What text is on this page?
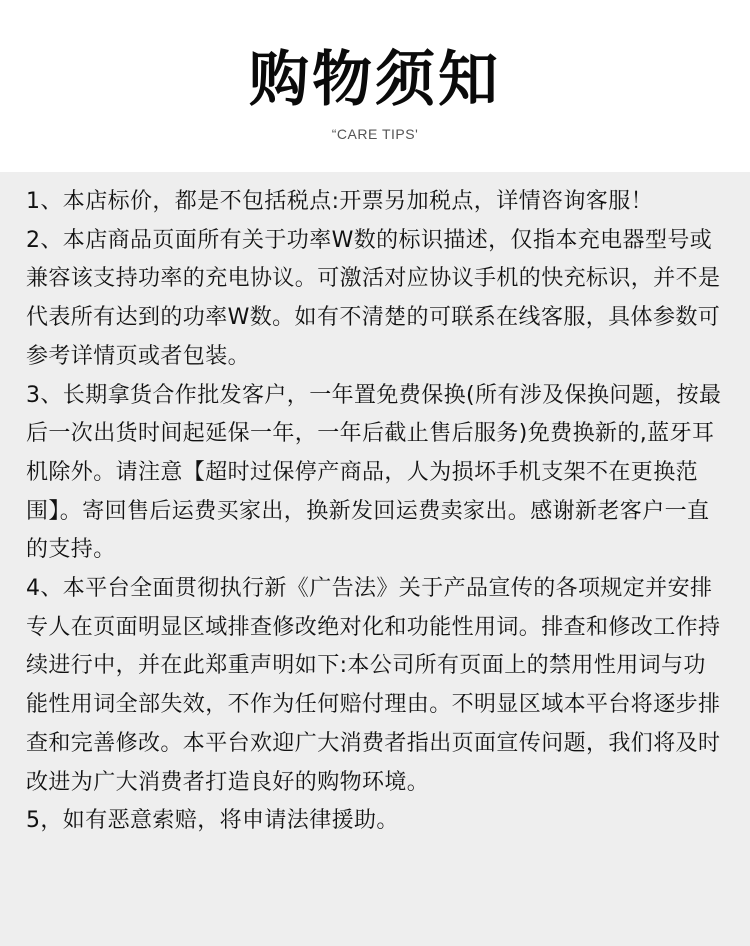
购物须知
“CARE TIPS'

1、本店标价，都是不包括税点:开票另加税点，详情咨询客服！

2、本店商品页面所有关于功率W数的标识描述，仅指本充电器型号或兼容该支持功率的充电协议。可激活对应协议手机的快充标识，并不是代表所有达到的功率W数。如有不清楚的可联系在线客服，具体参数可参考详情页或者包装。

3、长期拿货合作批发客户，一年置免费保换(所有涉及保换问题，按最后一次出货时间起延保一年，一年后截止售后服务)免费换新的,蓝牙耳机除外。请注意【超时过保停产商品，人为损坏手机支架不在更换范围】。寄回售后运费买家出，换新发回运费卖家出。感谢新老客户一直的支持。

4、本平台全面贯彻执行新《广告法》关于产品宣传的各项规定并安排专人在页面明显区域排查修改绝对化和功能性用词。排查和修改工作持续进行中，并在此郑重声明如下:本公司所有页面上的禁用性用词与功能性用词全部失效，不作为任何赔付理由。不明显区域本平台将逐步排查和完善修改。本平台欢迎广大消费者指出页面宣传问题，我们将及时改进为广大消费者打造良好的购物环境。

5，如有恶意索赔，将申请法律援助。
